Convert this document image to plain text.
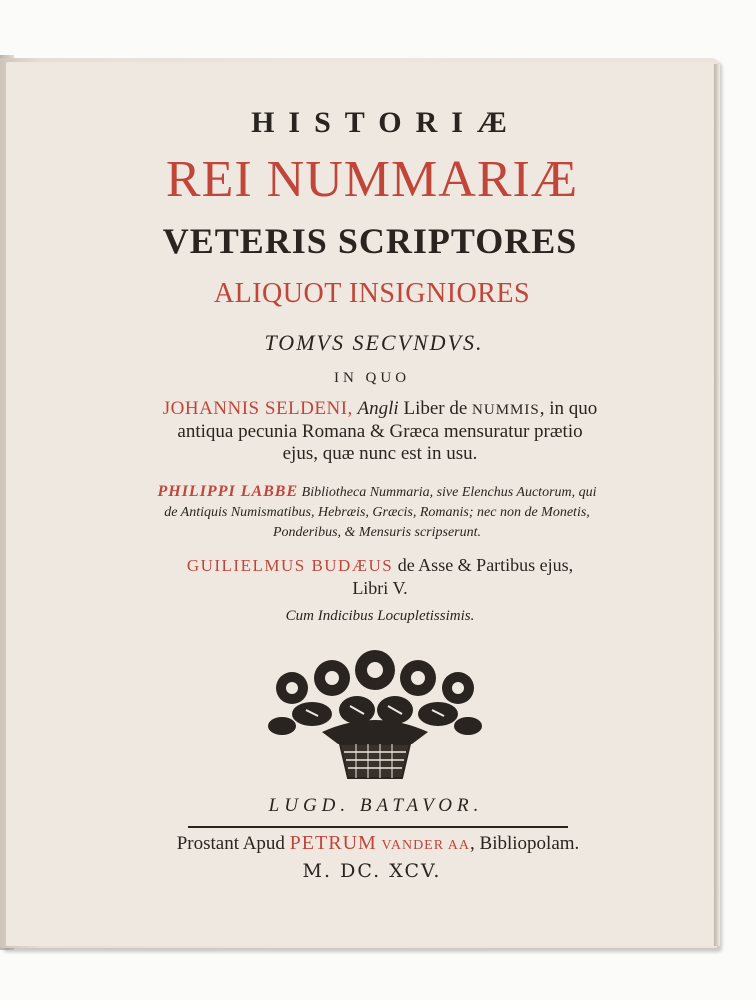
HISTORIÆ
REI NUMMARIÆ
VETERIS SCRIPTORES
ALIQUOT INSIGNIORES
TOMVS SECVNDVS.
IN QUO
JOHANNIS SELDENI, Angli Liber de NUMMIS, in quo
antiqua pecunia Romana & Græca mensuratur prætio
ejus, quæ nunc est in usu.
PHILIPPI LABBE Bibliotheca Nummaria, sive Elenchus Auctorum, qui
de Antiquis Numismatibus, Hebræis, Græcis, Romanis; nec non de Monetis,
Ponderibus, & Mensuris scripserunt.
GUILIELMUS BUDÆUS de Asse & Partibus ejus,
Libri V.
Cum Indicibus Locupletissimis.
LUGD. BATAVOR.
Prostant Apud PETRUM VANDER AA, Bibliopolam.
M. DC. XCV.
